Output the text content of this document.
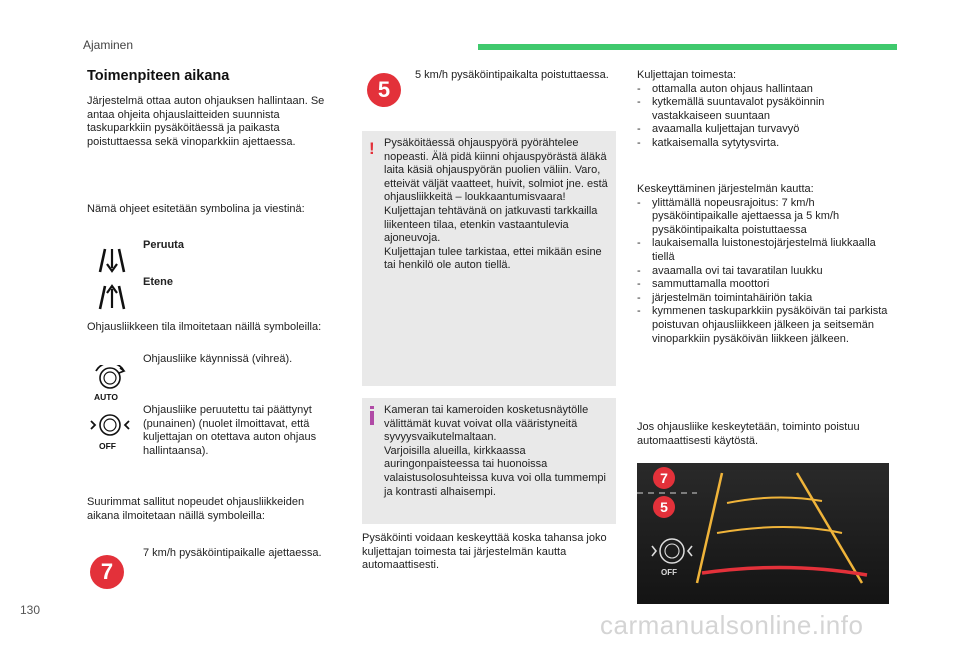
Ajaminen
Toimenpiteen aikana
Järjestelmä ottaa auton ohjauksen hallintaan. Se antaa ohjeita ohjauslaitteiden suunnista taskuparkkiin pysäköitäessä ja paikasta poistuttaessa sekä vinoparkkiin ajettaessa.
Nämä ohjeet esitetään symbolina ja viestinä:
Peruuta
Etene
Ohjausliikkeen tila ilmoitetaan näillä symboleilla:
AUTO
Ohjausliike käynnissä (vihreä).
OFF
Ohjausliike peruutettu tai päättynyt (punainen) (nuolet ilmoittavat, että kuljettajan on otettava auton ohjaus hallintaansa).
Suurimmat sallitut nopeudet ohjausliikkeiden aikana ilmoitetaan näillä symboleilla:
7
7 km/h pysäköintipaikalle ajettaessa.
5
5 km/h pysäköintipaikalta poistuttaessa.
! Pysäköitäessä ohjauspyörä pyörähtelee nopeasti. Älä pidä kiinni ohjauspyörästä äläkä laita käsiä ohjauspyörän puolien väliin. Varo, etteivät väljät vaatteet, huivit, solmiot jne. estä ohjausliikkeitä – loukkaantumisvaara!
Kuljettajan tehtävänä on jatkuvasti tarkkailla liikenteen tilaa, etenkin vastaantulevia ajoneuvoja.
Kuljettajan tulee tarkistaa, ettei mikään esine tai henkilö ole auton tiellä.
Kameran tai kameroiden kosketusnäytölle välittämät kuvat voivat olla vääristyneitä syvyysvaikutelmaltaan.
Varjoisilla alueilla, kirkkaassa auringonpaisteessa tai huonoissa valaistusolosuhteissa kuva voi olla tummempi ja kontrasti alhaisempi.
Pysäköinti voidaan keskeyttää koska tahansa joko kuljettajan toimesta tai järjestelmän kautta automaattisesti.
Kuljettajan toimesta:
- ottamalla auton ohjaus hallintaan
- kytkemällä suuntavalot pysäköinnin vastakkaiseen suuntaan
- avaamalla kuljettajan turvavyö
- katkaisemalla sytytysvirta.
Keskeyttäminen järjestelmän kautta:
- ylittämällä nopeusrajoitus: 7 km/h pysäköintipaikalle ajettaessa ja 5 km/h pysäköintipaikalta poistuttaessa
- laukaisemalla luistonestojärjestelmä liukkaalla tiellä
- avaamalla ovi tai tavaratilan luukku
- sammuttamalla moottori
- järjestelmän toimintahäiriön takia
- kymmenen taskuparkkiin pysäköivän tai parkista poistuvan ohjausliikkeen jälkeen ja seitsemän vinoparkkiin pysäköivän liikkeen jälkeen.
Jos ohjausliike keskeytetään, toiminto poistuu automaattisesti käytöstä.
7
5
OFF
130	carmanualsonline.info
